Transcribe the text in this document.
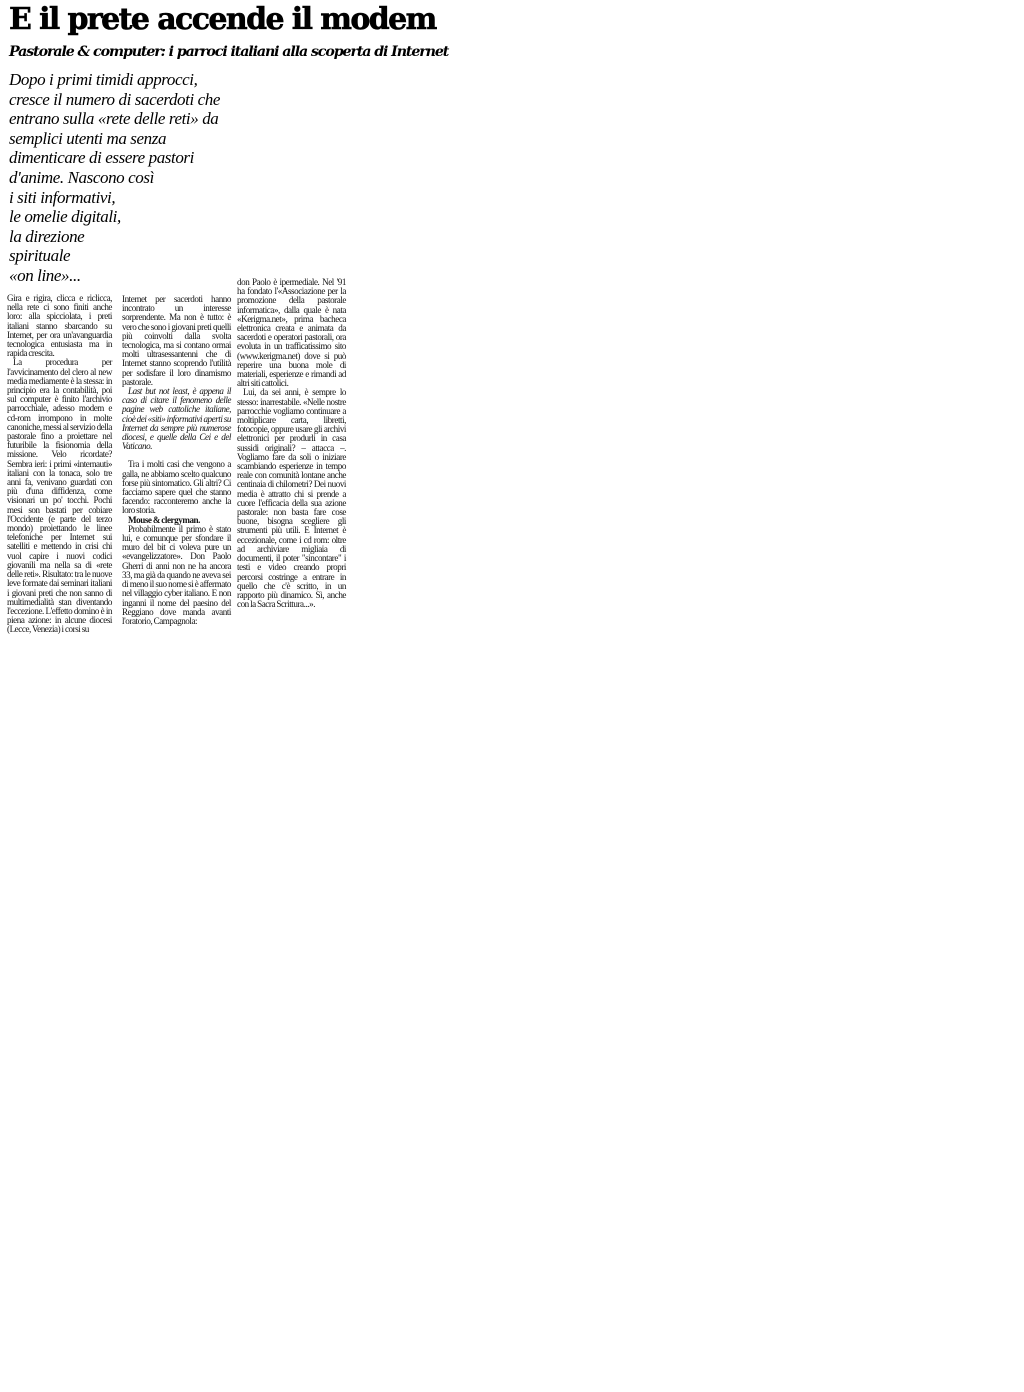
E il prete accende il modem
Pastorale & computer: i parroci italiani alla scoperta di Internet

Dopo i primi timidi approcci,
cresce il numero di sacerdoti che
entrano sulla «rete delle reti» da
semplici utenti ma senza
dimenticare di essere pastori
d'anime. Nascono così
i siti informativi,
le omelie digitali,
la direzione
spirituale
«on line»...

Gira e rigira, clicca e riclicca, nella rete ci sono finiti anche loro: alla spicciolata, i preti italiani stanno sbarcando su Internet, per ora un'avanguardia tecnologica entusiasta ma in rapida crescita.

La procedura per l'avvicinamento del clero al new media mediamente è la stessa: in principio era la contabilità, poi sul computer è finito l'archivio parrocchiale, adesso modem e cd-rom irrompono in molte canoniche, messi al servizio della pastorale fino a proiettare nel futuribile la fisionomia della missione. Velo ricordate? Sembra ieri: i primi «internauti» italiani con la tonaca, solo tre anni fa, venivano guardati con più d'una diffidenza, come visionari un po' tocchi. Pochi mesi son bastati per cobiare l'Occidente (e parte del terzo mondo) proiettando le linee telefoniche per Internet sui satelliti e mettendo in crisi chi vuol capire i nuovi codici giovanili ma nella sa di «rete delle reti». Risultato: tra le nuove leve formate dai seminari italiani i giovani preti che non sanno di multimedialità stan diventando l'eccezione. L'effetto domino è in piena azione: in alcune diocesi (Lecce, Venezia) i corsi su

Internet per sacerdoti hanno incontrato un interesse sorprendente. Ma non è tutto: è vero che sono i giovani preti quelli più coinvolti dalla svolta tecnologica, ma si contano ormai molti ultrasessantenni che di Internet stanno scoprendo l'utilità per sodisfare il loro dinamismo pastorale.

Last but not least, è appena il caso di citare il fenomeno delle pagine web cattoliche italiane, cioè dei «siti» informativi aperti su Internet da sempre più numerose diocesi, e quelle della Cei e del Vaticano.

Tra i molti casi che vengono a galla, ne abbiamo scelto qualcuno forse più sintomatico. Gli altri? Ci facciamo sapere quel che stanno facendo: racconteremo anche la loro storia.

Mouse & clergyman.

Probabilmente il primo è stato lui, e comunque per sfondare il muro del bit ci voleva pure un «evangelizzatore». Don Paolo Gherri di anni non ne ha ancora 33, ma già da quando ne aveva sei di meno il suo nome si è affermato nel villaggio cyber italiano. E non inganni il nome del paesino del Reggiano dove manda avanti l'oratorio, Campagnola:

don Paolo è ipermediale. Nel '91 ha fondato l'«Associazione per la promozione della pastorale informatica», dalla quale è nata «Kerigma.net», prima bacheca elettronica creata e animata da sacerdoti e operatori pastorali, ora evoluta in un trafficatissimo sito (www.kerigma.net) dove si può reperire una buona mole di materiali, esperienze e rimandi ad altri siti cattolici.

Lui, da sei anni, è sempre lo stesso: inarrestabile. «Nelle nostre parrocchie vogliamo continuare a moltiplicare carta, libretti, fotocopie, oppure usare gli archivi elettronici per produrli in casa sussidi originali? – attacca –. Vogliamo fare da soli o iniziare scambiando esperienze in tempo reale con comunità lontane anche centinaia di chilometri? Dei nuovi media è attratto chi si prende a cuore l'efficacia della sua azione pastorale: non basta fare cose buone, bisogna scegliere gli strumenti più utili. E Internet è eccezionale, come i cd rom: oltre ad archiviare migliaia di documenti, il poter "sincontare" i testi e video creando propri percorsi costringe a entrare in quello che c'è scritto, in un rapporto più dinamico. Sì, anche con la Sacra Scrittura...».
